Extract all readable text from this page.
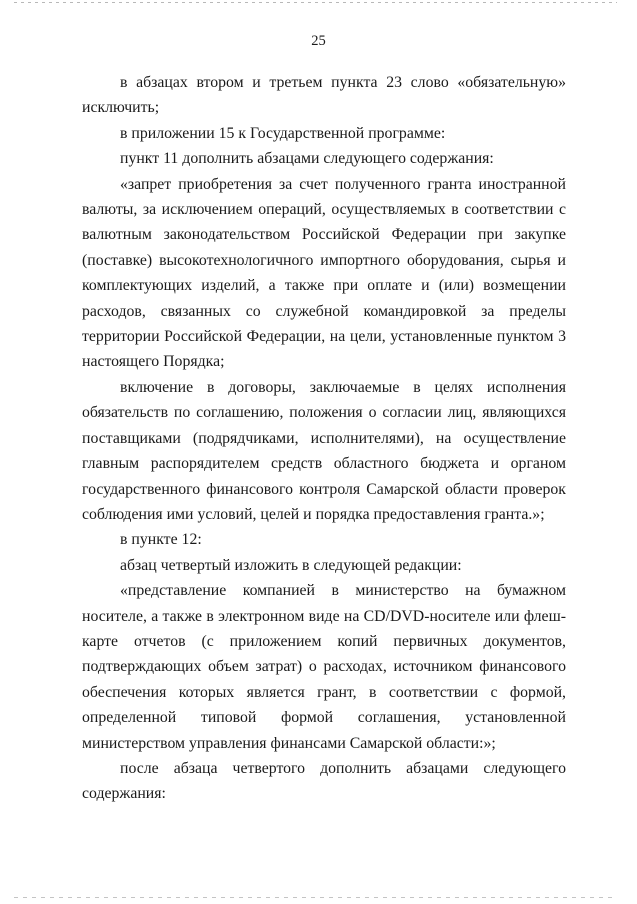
25

в абзацах втором и третьем пункта 23 слово «обязательную» исключить;

в приложении 15 к Государственной программе:

пункт 11 дополнить абзацами следующего содержания:

«запрет приобретения за счет полученного гранта иностранной валюты, за исключением операций, осуществляемых в соответствии с валютным законодательством Российской Федерации при закупке (поставке) высокотехнологичного импортного оборудования, сырья и комплектующих изделий, а также при оплате и (или) возмещении расходов, связанных со служебной командировкой за пределы территории Российской Федерации, на цели, установленные пунктом 3 настоящего Порядка;

включение в договоры, заключаемые в целях исполнения обязательств по соглашению, положения о согласии лиц, являющихся поставщиками (подрядчиками, исполнителями), на осуществление главным распорядителем средств областного бюджета и органом государственного финансового контроля Самарской области проверок соблюдения ими условий, целей и порядка предоставления гранта.»;

в пункте 12:

абзац четвертый изложить в следующей редакции:

«представление компанией в министерство на бумажном носителе, а также в электронном виде на CD/DVD-носителе или флеш-карте отчетов (с приложением копий первичных документов, подтверждающих объем затрат) о расходах, источником финансового обеспечения которых является грант, в соответствии с формой, определенной типовой формой соглашения, установленной министерством управления финансами Самарской области:»;

после абзаца четвертого дополнить абзацами следующего содержания:
